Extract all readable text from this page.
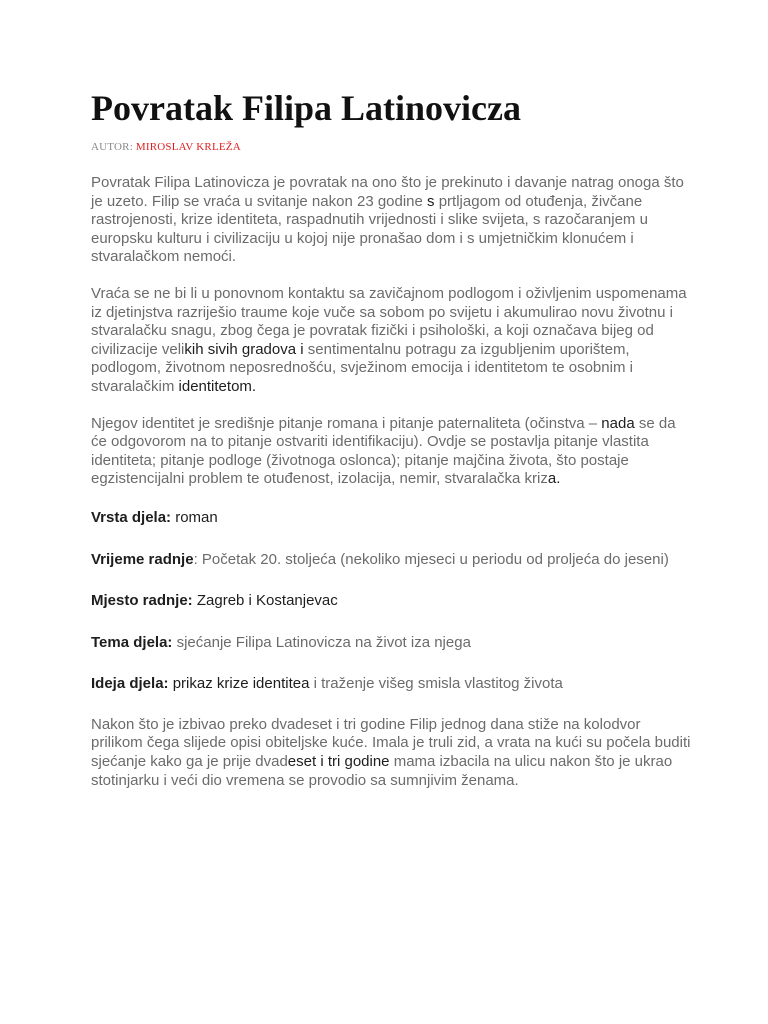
Povratak Filipa Latinovicza
AUTOR: MIROSLAV KRLEŽA

Povratak Filipa Latinovicza je povratak na ono što je prekinuto i davanje natrag onoga što je uzeto. Filip se vraća u svitanje nakon 23 godine s prtljagom od otuđenja, živčane rastrojenosti, krize identiteta, raspadnutih vrijednosti i slike svijeta, s razočaranjem u europsku kulturu i civilizaciju u kojoj nije pronašao dom i s umjetničkim klonućem i stvaralačkom nemoći.

Vraća se ne bi li u ponovnom kontaktu sa zavičajnom podlogom i oživljenim uspomenama iz djetinjstva razriješio traume koje vuče sa sobom po svijetu i akumulirao novu životnu i stvaralačku snagu, zbog čega je povratak fizički i psihološki, a koji označava bijeg od civilizacije velikih sivih gradova i sentimentalnu potragu za izgubljenim uporištem, podlogom, životnom neposrednošću, svježinom emocija i identitetom te osobnim i stvaralačkim identitetom.

Njegov identitet je središnje pitanje romana i pitanje paternaliteta (očinstva – nada se da će odgovorom na to pitanje ostvariti identifikaciju). Ovdje se postavlja pitanje vlastita identiteta; pitanje podloge (životnoga oslonca); pitanje majčina života, što postaje egzistencijalni problem te otuđenost, izolacija, nemir, stvaralačka kriza.

Vrsta djela: roman

Vrijeme radnje: Početak 20. stoljeća (nekoliko mjeseci u periodu od proljeća do jeseni)

Mjesto radnje: Zagreb i Kostanjevac

Tema djela: sjećanje Filipa Latinovicza na život iza njega

Ideja djela: prikaz krize identitea i traženje višeg smisla vlastitog života

Nakon što je izbivao preko dvadeset i tri godine Filip jednog dana stiže na kolodvor prilikom čega slijede opisi obiteljske kuće. Imala je truli zid, a vrata na kući su počela buditi sjećanje kako ga je prije dvadeset i tri godine mama izbacila na ulicu nakon što je ukrao stotinjarku i veći dio vremena se provodio sa sumnjivim ženama.
